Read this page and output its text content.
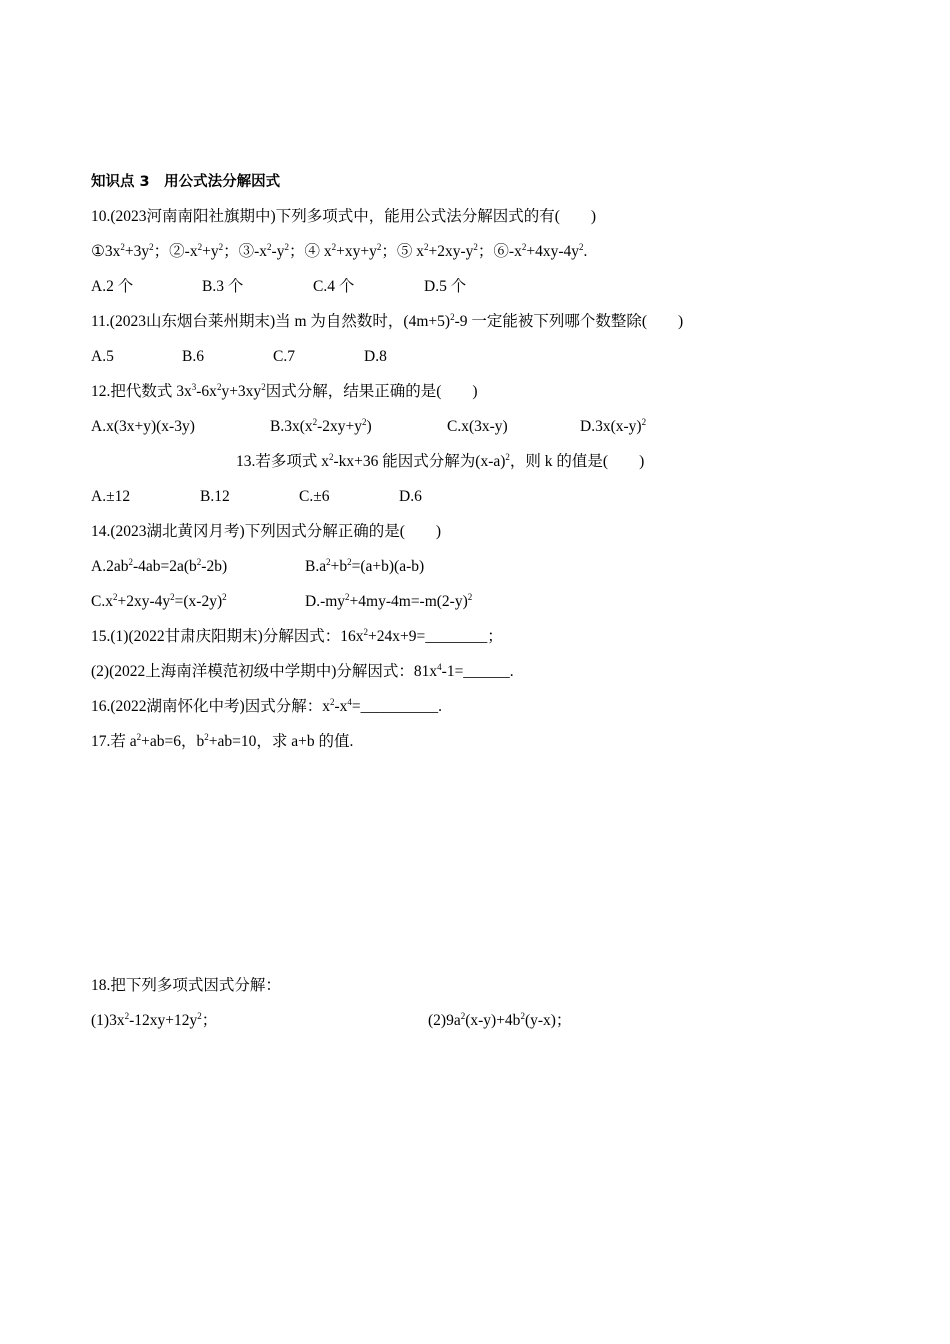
知识点 3　用公式法分解因式
10.(2023河南南阳社旗期中)下列多项式中，能用公式法分解因式的有(　　)
$①3x^2+3y^2$；$②-x^2+y^2$；$③-x^2-y^2$；④ $x^2+xy+y^2$；⑤ $x^2+2xy-y^2$；$⑥-x^2+4xy-4y^2$.
A.2 个	B.3 个	C.4 个	D.5 个
11.(2023山东烟台莱州期末)当 m 为自然数时，$(4m+5)^2-9$ 一定能被下列哪个数整除(　　)
A.5	B.6	C.7	D.8
12.把代数式 $3x^3-6x^2y+3xy^2$因式分解，结果正确的是(　　)
A.x(3x+y)(x-3y)	$B.3x(x^2-2xy+y^2)$	C.x(3x-y)	$D.3x(x-y)^2$
13.若多项式 $x^2-kx+36$ 能因式分解为$(x-a)^2$，则 k 的值是(　　)
A.±12	B.12	C.±6	D.6
14.(2023湖北黄冈月考)下列因式分解正确的是(　　)
$A.2ab^2-4ab=2a(b^2-2b)$	$B.a^2+b^2=(a+b)(a-b)$
$C.x^2+2xy-4y^2=(x-2y)^2$	$D.-my^2+4my-4m=-m(2-y)^2$
15.(1)(2022甘肃庆阳期末)分解因式：$16x^2+24x+9=\_\_\_\_\_\_\_\_$；
(2)(2022上海南洋模范初级中学期中)分解因式：$81x^4-1=\_\_\_\_\_\_$.
16.(2022湖南怀化中考)因式分解：$x^2-x^4=\_\_\_\_\_\_\_\_\_\_$.
17.若 $a^2+ab=6$，$b^2+ab=10$，求 a+b 的值.
18.把下列多项式因式分解：
$(1)3x^2-12xy+12y^2$；	$(2)9a^2(x-y)+4b^2(y-x)$；
